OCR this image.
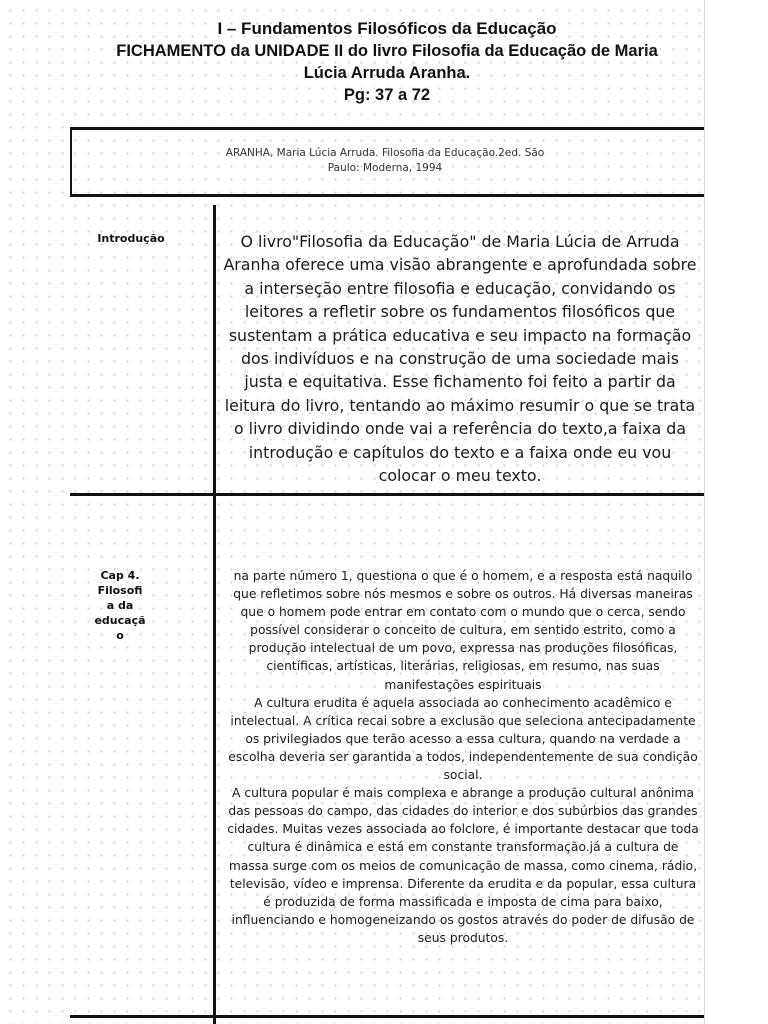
I – Fundamentos Filosóficos da Educação
FICHAMENTO da UNIDADE II do livro Filosofia da Educação de Maria
Lúcia Arruda Aranha.
Pg: 37 a 72
ARANHA, Maria Lúcia Arruda. Filosofia da Educação.2ed. São
Paulo: Moderna, 1994
Introdução	O livro"Filosofia da Educação" de Maria Lúcia de Arruda Aranha oferece uma visão abrangente e aprofundada sobre a interseção entre filosofia e educação, convidando os leitores a refletir sobre os fundamentos filosóficos que sustentam a prática educativa e seu impacto na formação dos indivíduos e na construção de uma sociedade mais justa e equitativa. Esse fichamento foi feito a partir da leitura do livro, tentando ao máximo resumir o que se trata o livro dividindo onde vai a referência do texto,a faixa da introdução e capítulos do texto e a faixa onde eu vou colocar o meu texto.
Cap 4.
Filosofi
a da
educaçã
o

na parte número 1, questiona o que é o homem, e a resposta está naquilo que refletimos sobre nós mesmos e sobre os outros. Há diversas maneiras que o homem pode entrar em contato com o mundo que o cerca, sendo possível considerar o conceito de cultura, em sentido estrito, como a produção intelectual de um povo, expressa nas produções filosóficas, científicas, artísticas, literárias, religiosas, em resumo, nas suas manifestações espirituais

A cultura erudita é aquela associada ao conhecimento acadêmico e intelectual. A crítica recai sobre a exclusão que seleciona antecipadamente os privilegiados que terão acesso a essa cultura, quando na verdade a escolha deveria ser garantida a todos, independentemente de sua condição social.

A cultura popular é mais complexa e abrange a produção cultural anônima das pessoas do campo, das cidades do interior e dos subúrbios das grandes cidades. Muitas vezes associada ao folclore, é importante destacar que toda cultura é dinâmica e está em constante transformação.já a cultura de massa surge com os meios de comunicação de massa, como cinema, rádio, televisão, vídeo e imprensa. Diferente da erudita e da popular, essa cultura é produzida de forma massificada e imposta de cima para baixo, influenciando e homogeneizando os gostos através do poder de difusão de seus produtos.
